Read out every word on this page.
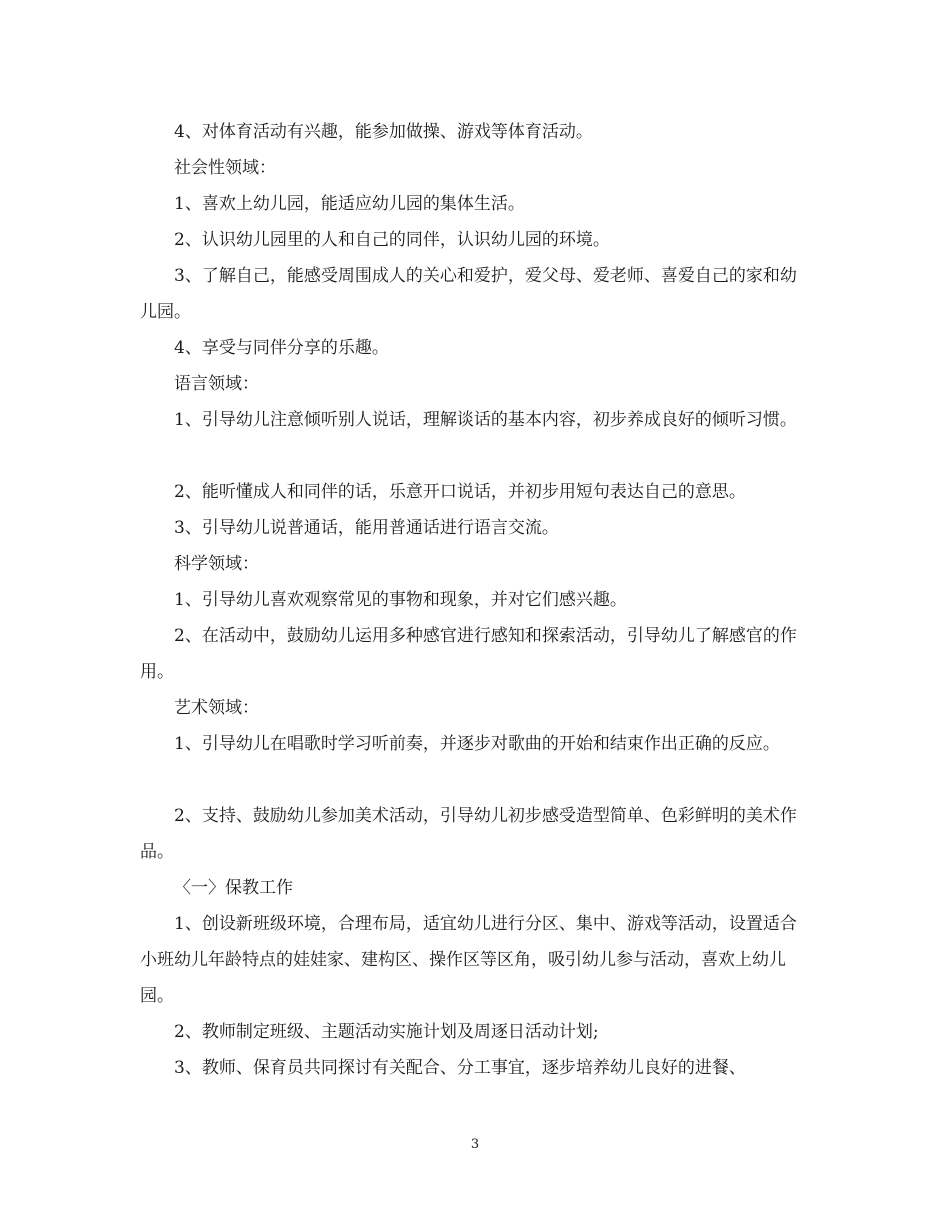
4、对体育活动有兴趣，能参加做操、游戏等体育活动。

社会性领域：

1、喜欢上幼儿园，能适应幼儿园的集体生活。

2、认识幼儿园里的人和自己的同伴，认识幼儿园的环境。

3、了解自己，能感受周围成人的关心和爱护，爱父母、爱老师、喜爱自己的家和幼儿园。

4、享受与同伴分享的乐趣。

语言领域：

1、引导幼儿注意倾听别人说话，理解谈话的基本内容，初步养成良好的倾听习惯。

2、能听懂成人和同伴的话，乐意开口说话，并初步用短句表达自己的意思。

3、引导幼儿说普通话，能用普通话进行语言交流。

科学领域：

1、引导幼儿喜欢观察常见的事物和现象，并对它们感兴趣。

2、在活动中，鼓励幼儿运用多种感官进行感知和探索活动，引导幼儿了解感官的作用。

艺术领域：

1、引导幼儿在唱歌时学习听前奏，并逐步对歌曲的开始和结束作出正确的反应。

2、支持、鼓励幼儿参加美术活动，引导幼儿初步感受造型简单、色彩鲜明的美术作品。

〈一〉保教工作

1、创设新班级环境，合理布局，适宜幼儿进行分区、集中、游戏等活动，设置适合小班幼儿年龄特点的娃娃家、建构区、操作区等区角，吸引幼儿参与活动，喜欢上幼儿园。

2、教师制定班级、主题活动实施计划及周逐日活动计划;

3、教师、保育员共同探讨有关配合、分工事宜，逐步培养幼儿良好的进餐、

3
